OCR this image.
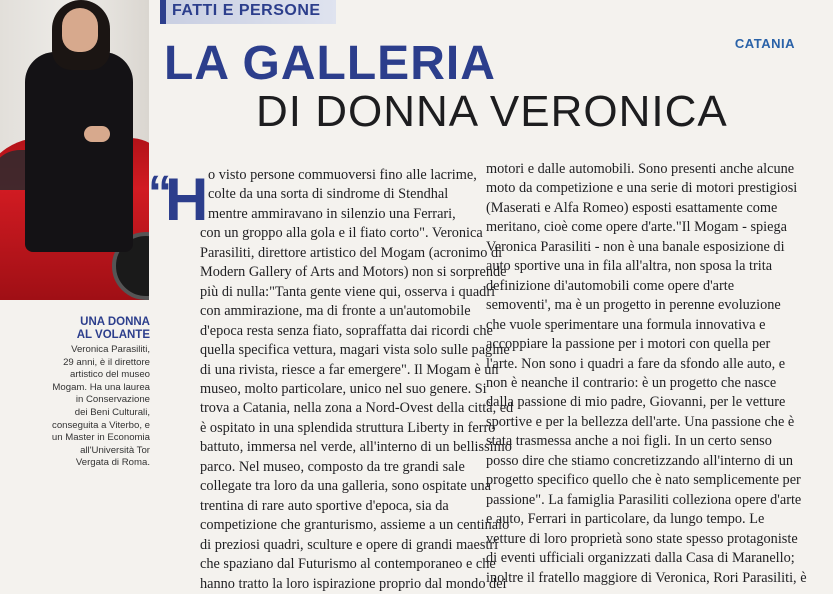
FATTI E PERSONE
CATANIA
LA GALLERIA
DI DONNA VERONICA
UNA DONNA
AL VOLANTE
Veronica Parasiliti,
29 anni, è il direttore
artistico del museo
Mogam. Ha una laurea
in Conservazione
dei Beni Culturali,
conseguita a Viterbo, e
un Master in Economia
all'Università Tor
Vergata di Roma.
“
H o visto persone commuoversi fino alle lacrime,
colte da una sorta di sindrome di Stendhal
mentre ammiravano in silenzio una Ferrari,
con un groppo alla gola e il fiato corto". Veronica
Parasiliti, direttore artistico del Mogam (acronimo di
Modern Gallery of Arts and Motors) non si sorprende
più di nulla:"Tanta gente viene qui, osserva i quadri
con ammirazione, ma di fronte a un'automobile
d'epoca resta senza fiato, sopraffatta dai ricordi che
quella specifica vettura, magari vista solo sulle pagine
di una rivista, riesce a far emergere". Il Mogam è un
museo, molto particolare, unico nel suo genere. Si
trova a Catania, nella zona a Nord-Ovest della città, ed
è ospitato in una splendida struttura Liberty in ferro
battuto, immersa nel verde, all'interno di un bellissimo
parco. Nel museo, composto da tre grandi sale
collegate tra loro da una galleria, sono ospitate una
trentina di rare auto sportive d'epoca, sia da
competizione che granturismo, assieme a un centinaio
di preziosi quadri, sculture e opere di grandi maestri
che spaziano dal Futurismo al contemporaneo e che
hanno tratto la loro ispirazione proprio dal mondo dei
motori e dalle automobili. Sono presenti anche alcune
moto da competizione e una serie di motori prestigiosi
(Maserati e Alfa Romeo) esposti esattamente come
meritano, cioè come opere d'arte."Il Mogam - spiega
Veronica Parasiliti - non è una banale esposizione di
auto sportive una in fila all'altra, non sposa la trita
definizione di'automobili come opere d'arte
semoventi', ma è un progetto in perenne evoluzione
che vuole sperimentare una formula innovativa e
accoppiare la passione per i motori con quella per
l'arte. Non sono i quadri a fare da sfondo alle auto, e
non è neanche il contrario: è un progetto che nasce
dalla passione di mio padre, Giovanni, per le vetture
sportive e per la bellezza dell'arte. Una passione che è
stata trasmessa anche a noi figli. In un certo senso
posso dire che stiamo concretizzando all'interno di un
progetto specifico quello che è nato semplicemente per
passione". La famiglia Parasiliti colleziona opere d'arte
e auto, Ferrari in particolare, da lungo tempo. Le
vetture di loro proprietà sono state spesso protagoniste
di eventi ufficiali organizzati dalla Casa di Maranello;
inoltre il fratello maggiore di Veronica, Rori Parasiliti, è
